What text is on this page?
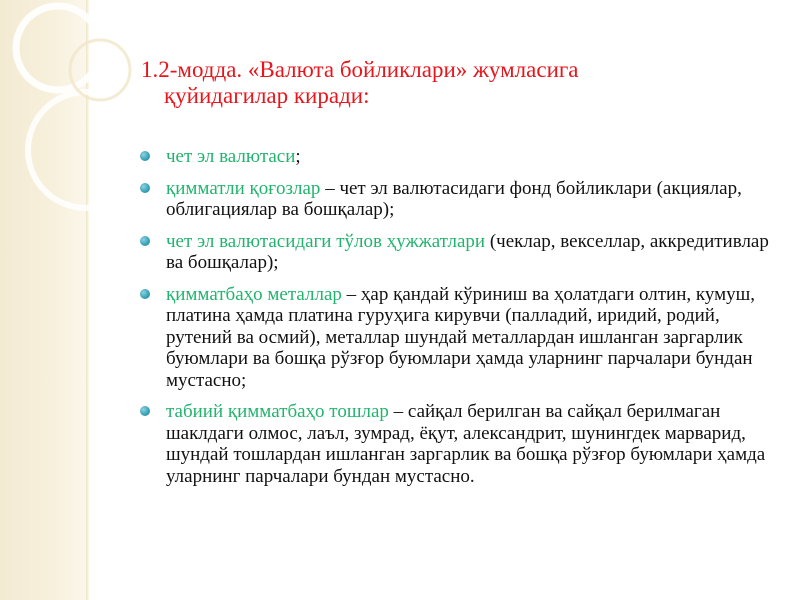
1.2-модда. «Валюта бойликлари» жумласига
қуйидагилар киради:
чет эл валютаси;
қимматли қоғозлар – чет эл валютасидаги фонд бойликлари (акциялар, облигациялар ва бошқалар);
чет эл валютасидаги тўлов ҳужжатлари (чеклар, векселлар, аккредитивлар ва бошқалар);
қимматбаҳо металлар – ҳар қандай кўриниш ва ҳолатдаги олтин, кумуш, платина ҳамда платина гуруҳига кирувчи (палладий, иридий, родий, рутений ва осмий), металлар шундай металлардан ишланган заргарлик буюмлари ва бошқа рўзғор буюмлари ҳамда уларнинг парчалари бундан мустасно;
табиий қимматбаҳо тошлар – сайқал берилган ва сайқал берилмаган шаклдаги олмос, лаъл, зумрад, ёқут, александрит, шунингдек марварид, шундай тошлардан ишланган заргарлик ва бошқа рўзғор буюмлари ҳамда уларнинг парчалари бундан мустасно.
